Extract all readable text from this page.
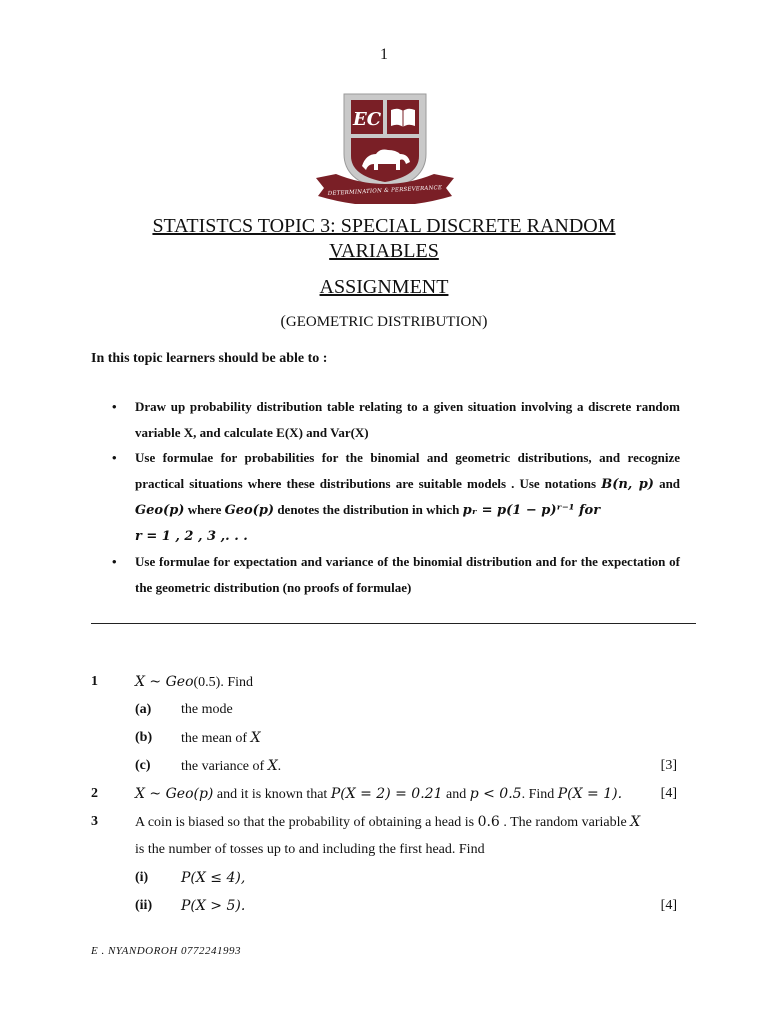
1
EC
DETERMINATION & PERSEVERANCE
STATISTCS TOPIC 3: SPECIAL DISCRETE RANDOM
VARIABLES
ASSIGNMENT
(GEOMETRIC DISTRIBUTION)
In this topic learners should be able to :
• Draw up probability distribution table relating to a given situation involving a discrete random variable X, and calculate E(X) and Var(X)
• Use formulae for probabilities for the binomial and geometric distributions, and recognize practical situations where these distributions are suitable models . Use notations B(n, p) and Geo(p) where Geo(p) denotes the distribution in which pᵣ = p(1 − p)ʳ⁻¹ for
r = 1 , 2 , 3 ,. . .
• Use formulae for expectation and variance of the binomial distribution and for the expectation of the geometric distribution (no proofs of formulae)
1	X ~ Geo(0.5). Find
(a) the mode
(b) the mean of X
(c) the variance of X.	[3]
2	X ~ Geo(p) and it is known that P(X = 2) = 0.21 and p < 0.5. Find P(X = 1).	[4]
3	A coin is biased so that the probability of obtaining a head is 0.6 . The random variable X
is the number of tosses up to and including the first head. Find
(i) P(X ≤ 4),
(ii) P(X > 5).	[4]
E . NYANDOROH 0772241993
